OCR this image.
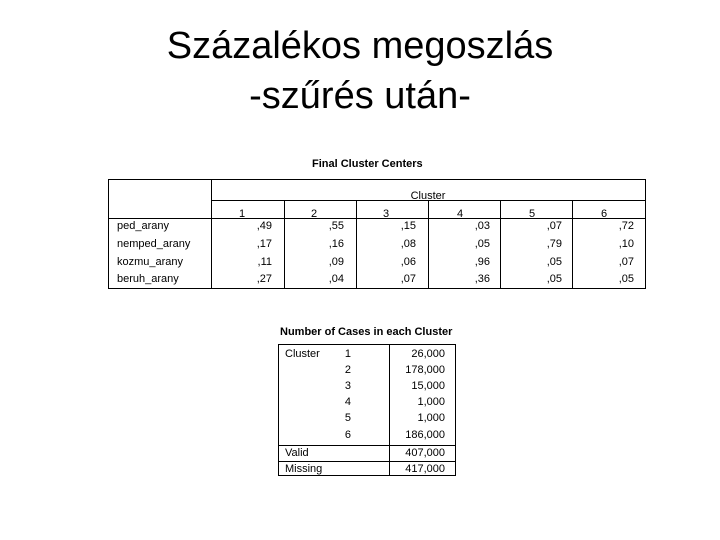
Százalékos megoszlás
-szűrés után-
Final Cluster Centers
Cluster
1	2	3	4	5	6
ped_arany	,49	,55	,15	,03	,07	,72
nemped_arany	,17	,16	,08	,05	,79	,10
kozmu_arany	,11	,09	,06	,96	,05	,07
beruh_arany	,27	,04	,07	,36	,05	,05
Number of Cases in each Cluster
Cluster	1	26,000
2	178,000
3	15,000
4	1,000
5	1,000
6	186,000
Valid	407,000
Missing	417,000
